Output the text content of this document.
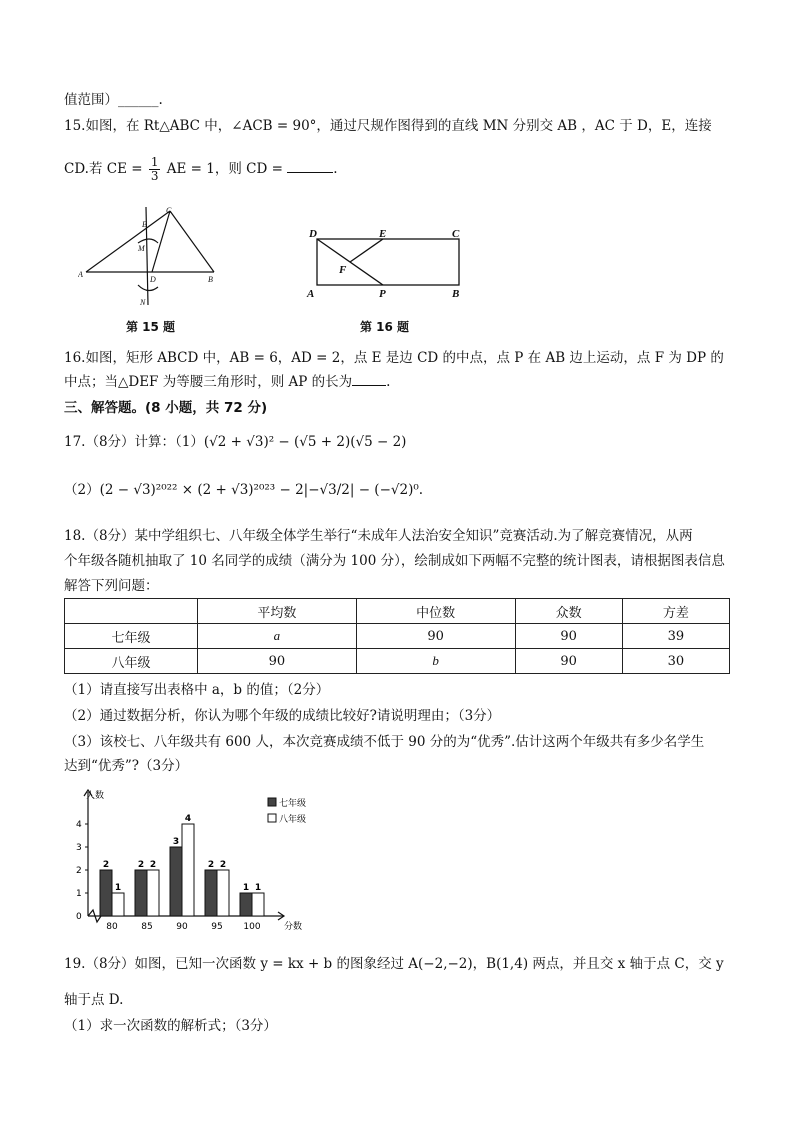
值范围）______.
15.如图，在 Rt△ABC 中，∠ACB = 90°，通过尺规作图得到的直线 MN 分别交 AB ，AC 于 D，E，连接
CD.若 CE = $\frac{1}{3}$ AE = 1，则 CD =	.
A
B
C
D
E
M
N
第 15 题
D	E	C
F
A	P	B
第 16 题
16.如图，矩形 ABCD 中，AB = 6，AD = 2，点 E 是边 CD 的中点，点 P 在 AB 边上运动，点 F 为 DP 的
中点；当△DEF 为等腰三角形时，则 AP 的长为	.
三、解答题。(8 小题，共 72 分)
17.（8分）计算：（1）(√2 + √3)² − (√5 + 2)(√5 − 2)
（2）(2 − √3)²⁰²² × (2 + √3)²⁰²³ − 2|−√3/2| − (−√2)⁰.
18.（8分）某中学组织七、八年级全体学生举行“未成年人法治安全知识”竞赛活动.为了解竞赛情况，从两
个年级各随机抽取了 10 名同学的成绩（满分为 100 分），绘制成如下两幅不完整的统计图表，请根据图表信息
解答下列问题：
	平均数	中位数	众数	方差
七年级	a	90	90	39
八年级	90	b	90	30
（1）请直接写出表格中 a，b 的值；（2分）
（2）通过数据分析，你认为哪个年级的成绩比较好?请说明理由；（3分）
（3）该校七、八年级共有 600 人，本次竞赛成绩不低于 90 分的为“优秀”.估计这两个年级共有多少名学生
达到“优秀”?（3分）
0
1
2
3
4
2
1
2 2
3
4
2 2
1 1
80	85	90	95 100
人数
分数
七年级
八年级
19.（8分）如图，已知一次函数 y = kx + b 的图象经过 A(−2,−2)，B(1,4) 两点，并且交 x 轴于点 C，交 y
轴于点 D.
（1）求一次函数的解析式；（3分）
